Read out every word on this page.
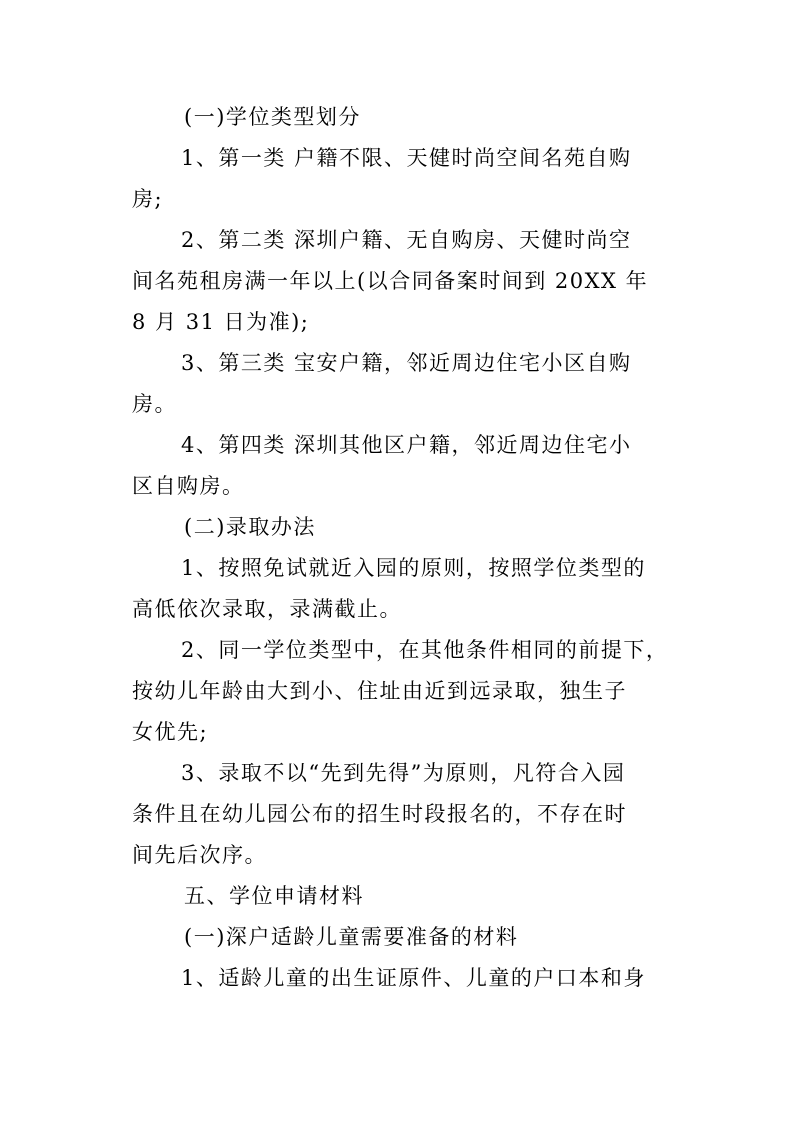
(一)学位类型划分

1、第一类 户籍不限、天健时尚空间名苑自购

房;

2、第二类 深圳户籍、无自购房、天健时尚空

间名苑租房满一年以上(以合同备案时间到 20XX 年

8 月 31 日为准);

3、第三类 宝安户籍，邻近周边住宅小区自购

房。

4、第四类 深圳其他区户籍，邻近周边住宅小

区自购房。

(二)录取办法

1、按照免试就近入园的原则，按照学位类型的

高低依次录取，录满截止。

2、同一学位类型中，在其他条件相同的前提下，

按幼儿年龄由大到小、住址由近到远录取，独生子

女优先;

3、录取不以“先到先得”为原则，凡符合入园

条件且在幼儿园公布的招生时段报名的，不存在时

间先后次序。

五、学位申请材料

(一)深户适龄儿童需要准备的材料

1、适龄儿童的出生证原件、儿童的户口本和身
